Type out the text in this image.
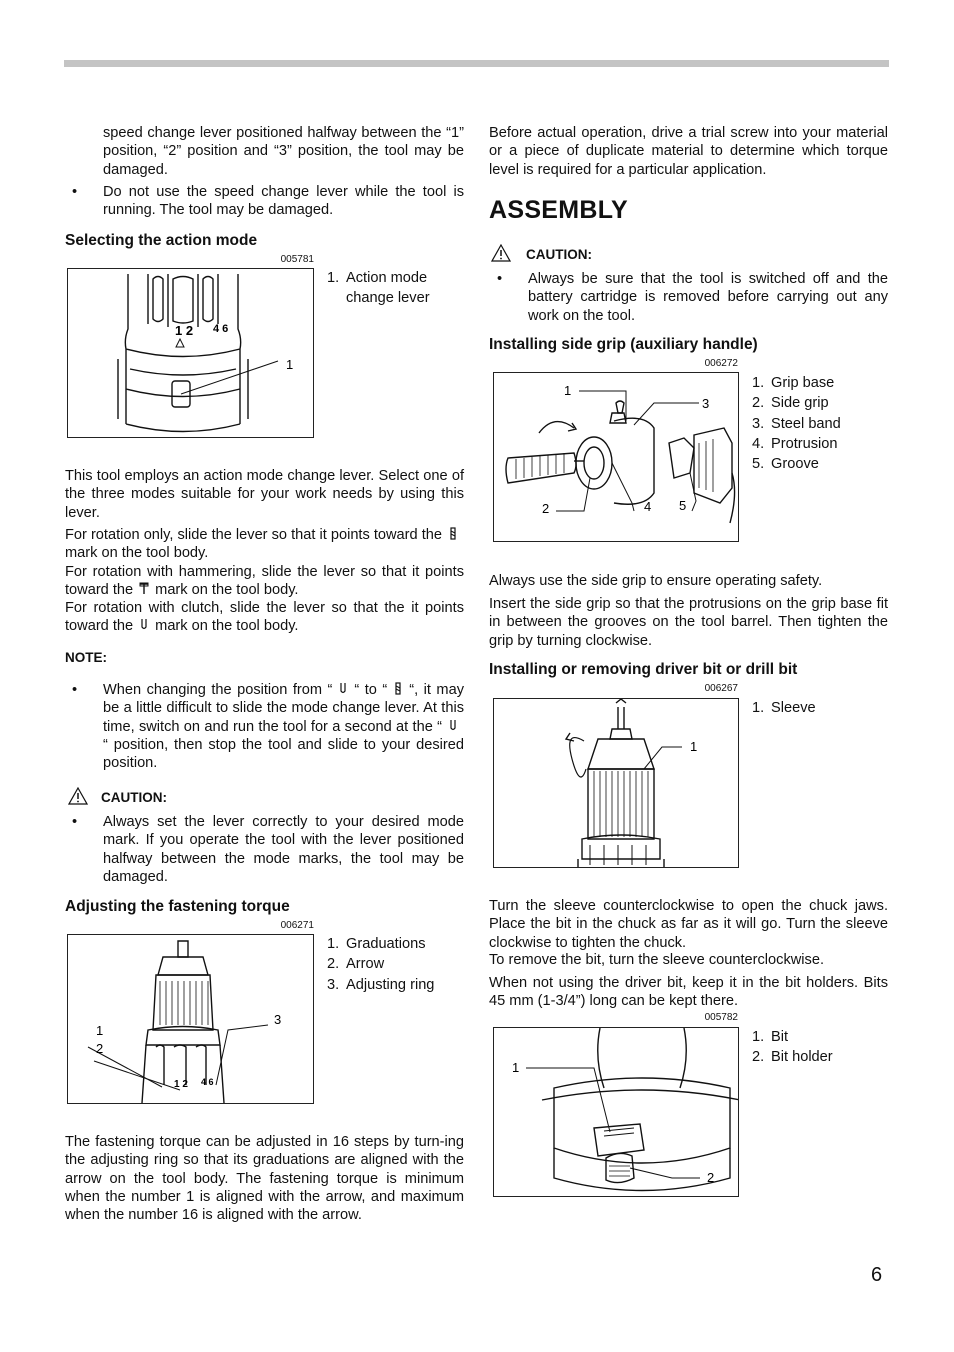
speed change lever positioned halfway between the “1” position, “2” position and “3” position, the tool may be damaged.

• Do not use the speed change lever while the tool is running. The tool may be damaged.

Selecting the action mode
005781
1 2 4 6
1
1. Action mode change lever

This tool employs an action mode change lever. Select one of the three modes suitable for your work needs by using this lever.

For rotation only, slide the lever so that it points toward themark on the tool body.

For rotation with hammering, slide the lever so that it points toward the mark on the tool body.

For rotation with clutch, slide the lever so that the it points toward the mark on the tool body.

NOTE:
• When changing the position from “ “ to “ “, it may be a little difficult to slide the mode change lever. At this time, switch on and run the tool for a second at the ““ position, then stop the tool and slide to your desired position.

CAUTION:
• Always set the lever correctly to your desired mode mark. If you operate the tool with the lever positioned halfway between the mode marks, the tool may be damaged.

Adjusting the fastening torque
006271
1
2
3
1 2 4 6
1. Graduations
2. Arrow
3. Adjusting ring

The fastening torque can be adjusted in 16 steps by turn-ing the adjusting ring so that its graduations are aligned with the arrow on the tool body. The fastening torque is minimum when the number 1 is aligned with the arrow, and maximum when the number 16 is aligned with the arrow.

Before actual operation, drive a trial screw into your material or a piece of duplicate material to determine which torque level is required for a particular application.

ASSEMBLY
CAUTION:
• Always be sure that the tool is switched off and the battery cartridge is removed before carrying out any work on the tool.

Installing side grip (auxiliary handle)
006272
1
3
2	4 5
1. Grip base
2. Side grip
3. Steel band
4. Protrusion
5. Groove

Always use the side grip to ensure operating safety.

Insert the side grip so that the protrusions on the grip base fit in between the grooves on the tool barrel. Then tighten the grip by turning clockwise.

Installing or removing driver bit or drill bit
006267
1
1. Sleeve

Turn the sleeve counterclockwise to open the chuck jaws. Place the bit in the chuck as far as it will go. Turn the sleeve clockwise to tighten the chuck.

To remove the bit, turn the sleeve counterclockwise.

When not using the driver bit, keep it in the bit holders. Bits 45 mm (1-3/4”) long can be kept there.

005782
1
2
1. Bit
2. Bit holder
6
